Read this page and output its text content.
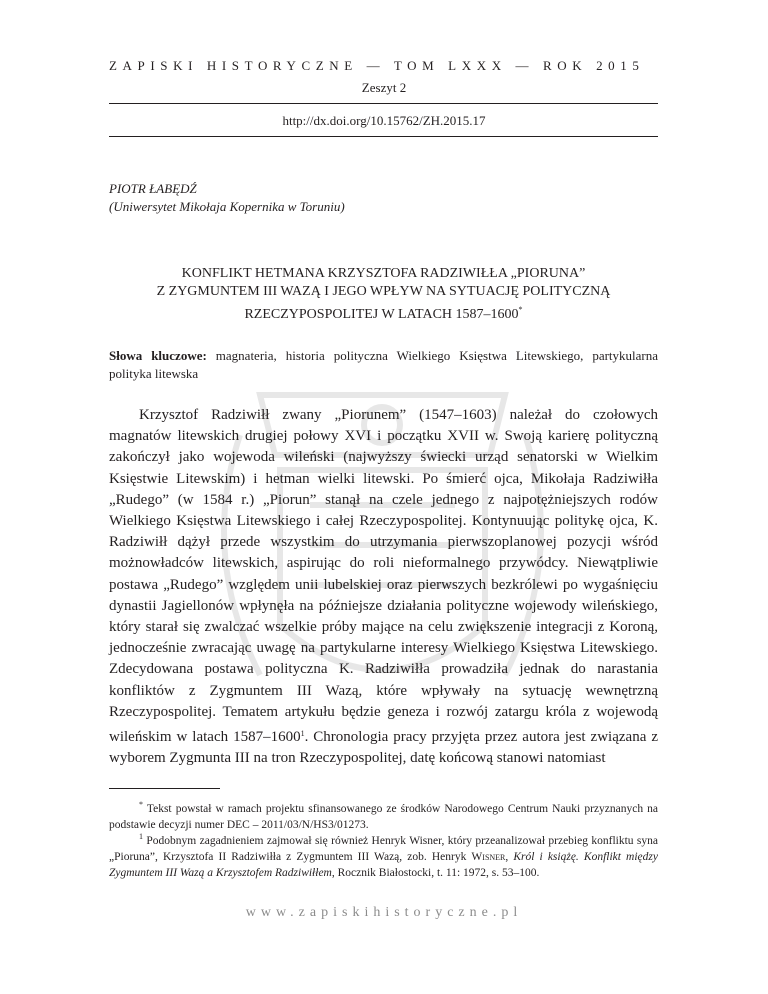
ZAPISKI HISTORYCZNE — TOM LXXX — ROK 2015
Zeszyt 2
http://dx.doi.org/10.15762/ZH.2015.17
PIOTR ŁABĘDŹ
(Uniwersytet Mikołaja Kopernika w Toruniu)
KONFLIKT HETMANA KRZYSZTOFA RADZIWIŁŁA „PIORUNA”
Z ZYGMUNTEM III WAZĄ I JEGO WPŁYW NA SYTUACJĘ POLITYCZNĄ
RZECZYPOSPOLITEJ W LATACH 1587–1600*
Słowa kluczowe: magnateria, historia polityczna Wielkiego Księstwa Litewskiego, partykularna polityka litewska
Krzysztof Radziwiłł zwany „Piorunem” (1547–1603) należał do czołowych magnatów litewskich drugiej połowy XVI i początku XVII w. Swoją karierę polityczną zakończył jako wojewoda wileński (najwyższy świecki urząd senatorski w Wielkim Księstwie Litewskim) i hetman wielki litewski. Po śmierć ojca, Mikołaja Radziwiłła „Rudego” (w 1584 r.) „Piorun” stanął na czele jednego z najpotężniejszych rodów Wielkiego Księstwa Litewskiego i całej Rzeczypospolitej. Kontynuując politykę ojca, K. Radziwiłł dążył przede wszystkim do utrzymania pierwszoplanowej pozycji wśród możnowładców litewskich, aspirując do roli nieformalnego przywódcy. Niewątpliwie postawa „Rudego” względem unii lubelskiej oraz pierwszych bezkrólewi po wygaśnięciu dynastii Jagiellonów wpłynęła na późniejsze działania polityczne wojewody wileńskiego, który starał się zwalczać wszelkie próby mające na celu zwiększenie integracji z Koroną, jednocześnie zwracając uwagę na partykularne interesy Wielkiego Księstwa Litewskiego. Zdecydowana postawa polityczna K. Radziwiłła prowadziła jednak do narastania konfliktów z Zygmuntem III Wazą, które wpływały na sytuację wewnętrzną Rzeczypospolitej. Tematem artykułu będzie geneza i rozwój zatargu króla z wojewodą wileńskim w latach 1587–1600$^1$. Chronologia pracy przyjęta przez autora jest związana z wyborem Zygmunta III na tron Rzeczypospolitej, datę końcową stanowi natomiast
* Tekst powstał w ramach projektu sfinansowanego ze środków Narodowego Centrum Nauki przyznanych na podstawie decyzji numer DEC – 2011/03/N/HS3/01273.
$^1$ Podobnym zagadnieniem zajmował się również Henryk Wisner, który przeanalizował przebieg konfliktu syna „Pioruna”, Krzysztofa II Radziwiłła z Zygmuntem III Wazą, zob. Henryk Wisner, Król i książę. Konflikt między Zygmuntem III Wazą a Krzysztofem Radziwiłłem, Rocznik Białostocki, t. 11: 1972, s. 53–100.
www.zapiskihistoryczne.pl
